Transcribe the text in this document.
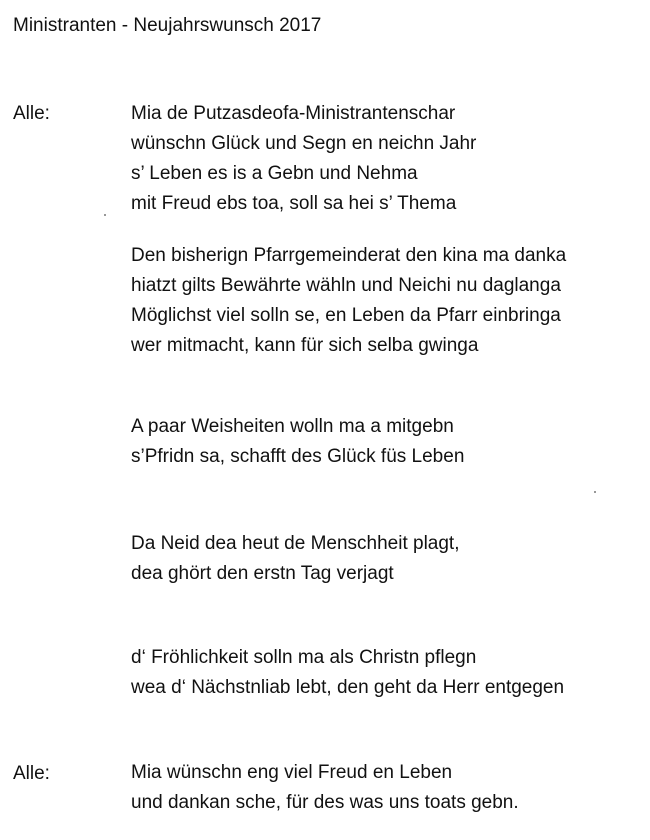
Ministranten - Neujahrswunsch 2017
Alle:	Mia de Putzasdeofa-Ministrantenschar
wünschn Glück und Segn en neichn Jahr
s’ Leben es is a Gebn und Nehma
mit Freud ebs toa, soll sa hei s’ Thema
Den bisherign Pfarrgemeinderat den kina ma danka
hiatzt gilts Bewährte wähln und Neichi nu daglanga
Möglichst viel solln se, en Leben da Pfarr einbringa
wer mitmacht, kann für sich selba gwinga
A paar Weisheiten wolln ma a mitgebn
s’Pfridn sa, schafft des Glück füs Leben
Da Neid dea heut de Menschheit plagt,
dea ghört den erstn Tag verjagt
d‘ Fröhlichkeit solln ma als Christn pflegn
wea d‘ Nächstnliab lebt, den geht da Herr entgegen
Alle:	Mia wünschn eng viel Freud en Leben
und dankan sche, für des was uns toats gebn.
